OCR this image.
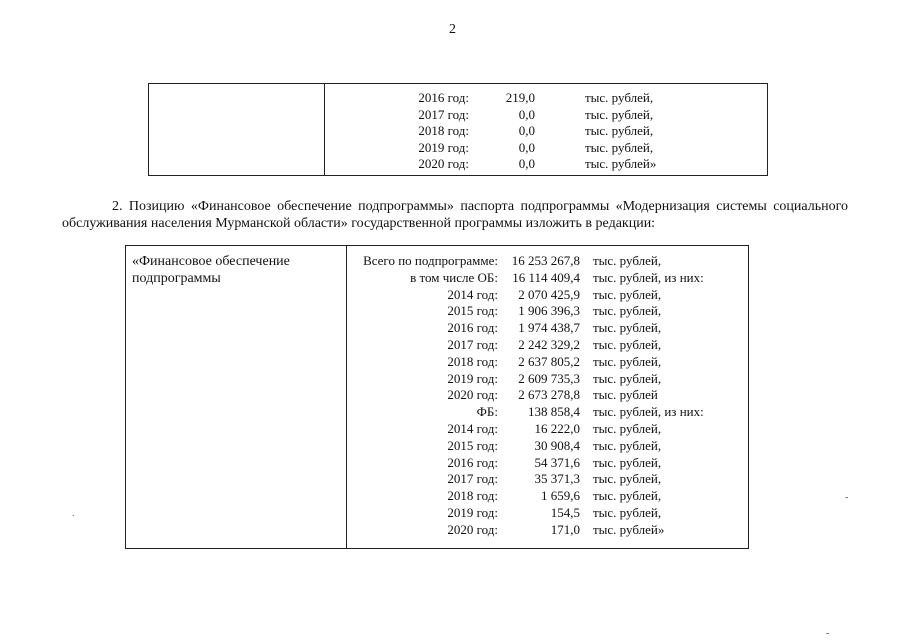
2
2016 год:	219,0	тыс. рублей,
2017 год:	0,0	тыс. рублей,
2018 год:	0,0	тыс. рублей,
2019 год:	0,0	тыс. рублей,
2020 год:	0,0	тыс. рублей»
2. Позицию «Финансовое обеспечение подпрограммы» паспорта подпрограммы «Модернизация системы социального обслуживания населения Мурманской области» государственной программы изложить в редакции:
«Финансовое обеспечение подпрограммы
Всего по подпрограмме:	16 253 267,8 тыс. рублей,
в том числе ОБ:	16 114 409,4 тыс. рублей, из них:
2014 год:	2 070 425,9 тыс. рублей,
2015 год:	1 906 396,3 тыс. рублей,
2016 год:	1 974 438,7 тыс. рублей,
2017 год:	2 242 329,2 тыс. рублей,
2018 год:	2 637 805,2 тыс. рублей,
2019 год:	2 609 735,3 тыс. рублей,
2020 год:	2 673 278,8 тыс. рублей
ФБ:	138 858,4 тыс. рублей, из них:
2014 год:	16 222,0 тыс. рублей,
2015 год:	30 908,4 тыс. рублей,
2016 год:	54 371,6 тыс. рублей,
2017 год:	35 371,3 тыс. рублей,
2018 год:	1 659,6 тыс. рублей,
2019 год:	154,5 тыс. рублей,
2020 год:	171,0 тыс. рублей»
.
-
-
